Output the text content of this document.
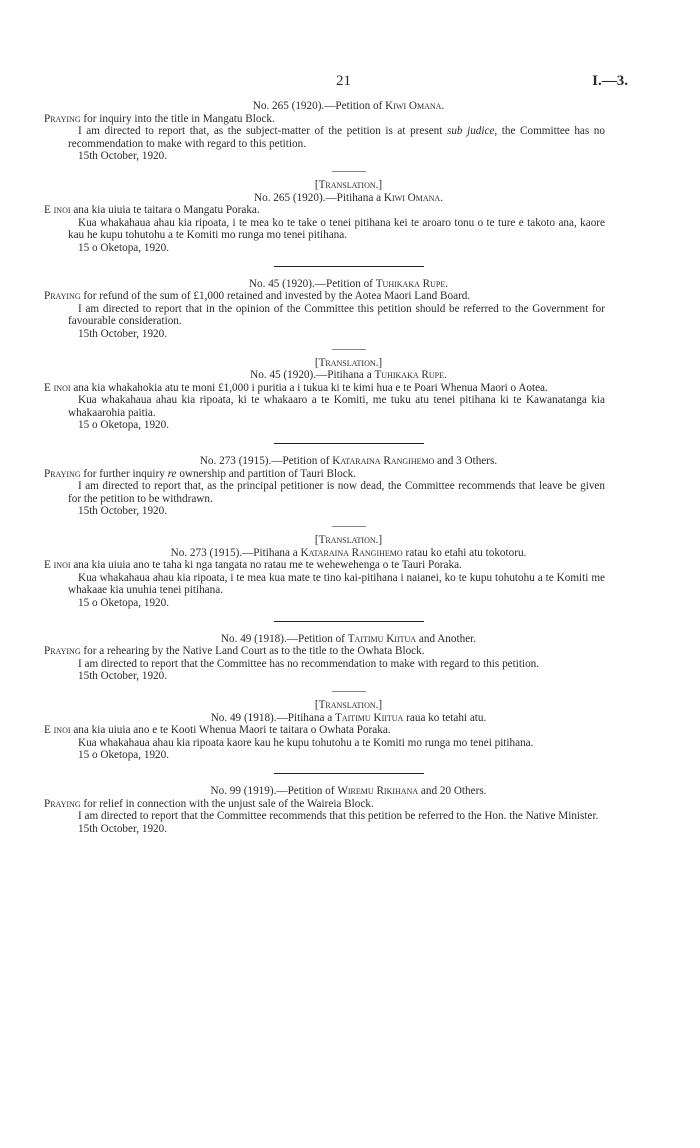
21	I.—3.

No. 265 (1920).—Petition of Kiwi Omana.

Praying for inquiry into the title in Mangatu Block.

I am directed to report that, as the subject-matter of the petition is at present sub judice, the Committee has no recommendation to make with regard to this petition.

15th October, 1920.

[Translation.]

No. 265 (1920).—Pitihana a Kiwi Omana.

E inoi ana kia uiuia te taitara o Mangatu Poraka.

Kua whakahaua ahau kia ripoata, i te mea ko te take o tenei pitihana kei te aroaro tonu o te ture e takoto ana, kaore kau he kupu tohutohu a te Komiti mo runga mo tenei pitihana.

15 o Oketopa, 1920.

No. 45 (1920).—Petition of Tuhikaka Rupe.

Praying for refund of the sum of £1,000 retained and invested by the Aotea Maori Land Board.

I am directed to report that in the opinion of the Committee this petition should be referred to the Government for favourable consideration.

15th October, 1920.

[Translation.]

No. 45 (1920).—Pitihana a Tuhikaka Rupe.

E inoi ana kia whakahokia atu te moni £1,000 i puritia a i tukua ki te kimi hua e te Poari Whenua Maori o Aotea.

Kua whakahaua ahau kia ripoata, ki te whakaaro a te Komiti, me tuku atu tenei pitihana ki te Kawanatanga kia whakaarohia paitia.

15 o Oketopa, 1920.

No. 273 (1915).—Petition of Kataraina Rangihemo and 3 Others.

Praying for further inquiry re ownership and partition of Tauri Block.

I am directed to report that, as the principal petitioner is now dead, the Committee recommends that leave be given for the petition to be withdrawn.

15th October, 1920.

[Translation.]

No. 273 (1915).—Pitihana a Kataraina Rangihemo ratau ko etahi atu tokotoru.

E inoi ana kia uiuia ano te taha ki nga tangata no ratau me te wehewehenga o te Tauri Poraka.

Kua whakahaua ahau kia ripoata, i te mea kua mate te tino kai-pitihana i naianei, ko te kupu tohutohu a te Komiti me whakaae kia unuhia tenei pitihana.

15 o Oketopa, 1920.

No. 49 (1918).—Petition of Taitimu Kiitua and Another.

Praying for a rehearing by the Native Land Court as to the title to the Owhata Block.

I am directed to report that the Committee has no recommendation to make with regard to this petition.

15th October, 1920.

[Translation.]

No. 49 (1918).—Pitihana a Taitimu Kiitua raua ko tetahi atu.

E inoi ana kia uiuia ano e te Kooti Whenua Maori te taitara o Owhata Poraka.

Kua whakahaua ahau kia ripoata kaore kau he kupu tohutohu a te Komiti mo runga mo tenei pitihana.

15 o Oketopa, 1920.

No. 99 (1919).—Petition of Wiremu Rikihana and 20 Others.

Praying for relief in connection with the unjust sale of the Waireia Block.

I am directed to report that the Committee recommends that this petition be referred to the Hon. the Native Minister.

15th October, 1920.
